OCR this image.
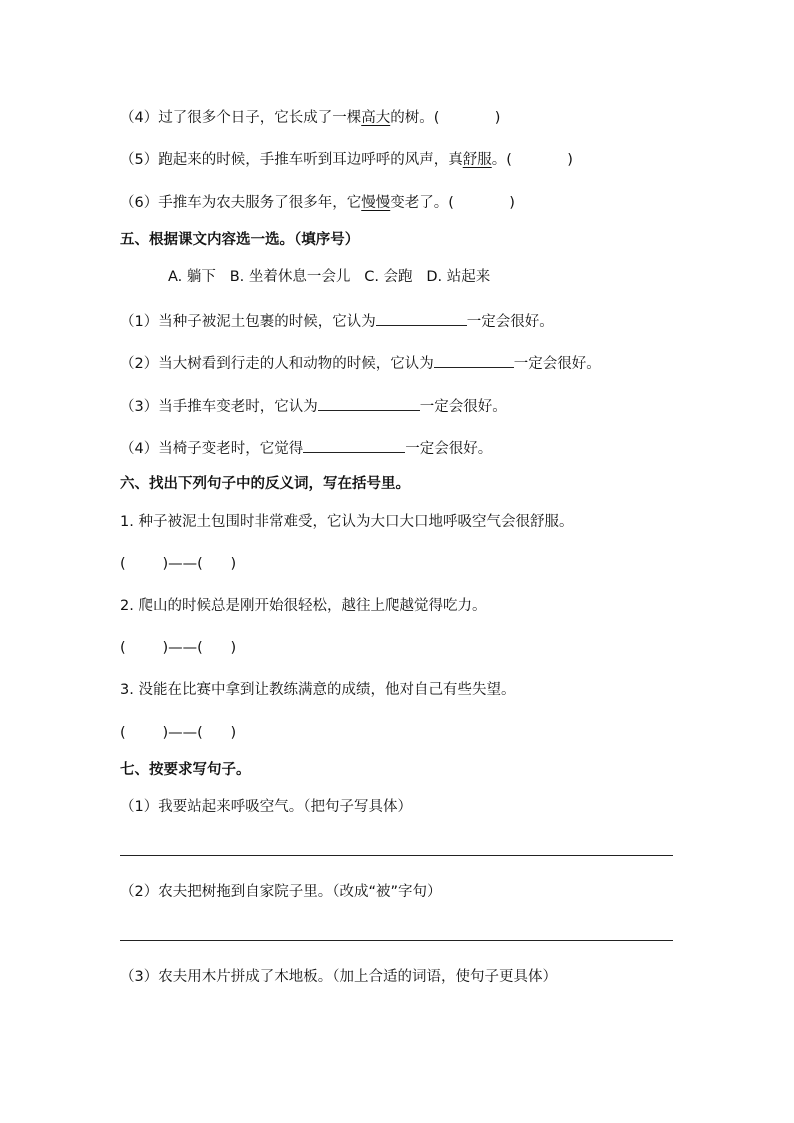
（4）过了很多个日子，它长成了一棵高大的树。(            )
（5）跑起来的时候，手推车听到耳边呼呼的风声，真舒服。(            )
（6）手推车为农夫服务了很多年，它慢慢变老了。(            )
五、根据课文内容选一选。（填序号）
A. 躺下   B. 坐着休息一会儿   C. 会跑   D. 站起来
（1）当种子被泥土包裹的时候，它认为	一定会很好。
（2）当大树看到行走的人和动物的时候，它认为	一定会很好。
（3）当手推车变老时，它认为	一定会很好。
（4）当椅子变老时，它觉得	一定会很好。
六、找出下列句子中的反义词，写在括号里。
1. 种子被泥土包围时非常难受，它认为大口大口地呼吸空气会很舒服。
(        )——(      )
2. 爬山的时候总是刚开始很轻松，越往上爬越觉得吃力。
(        )——(      )
3. 没能在比赛中拿到让教练满意的成绩，他对自己有些失望。
(        )——(      )
七、按要求写句子。
（1）我要站起来呼吸空气。（把句子写具体）
（2）农夫把树拖到自家院子里。（改成“被”字句）
（3）农夫用木片拼成了木地板。（加上合适的词语，使句子更具体）
